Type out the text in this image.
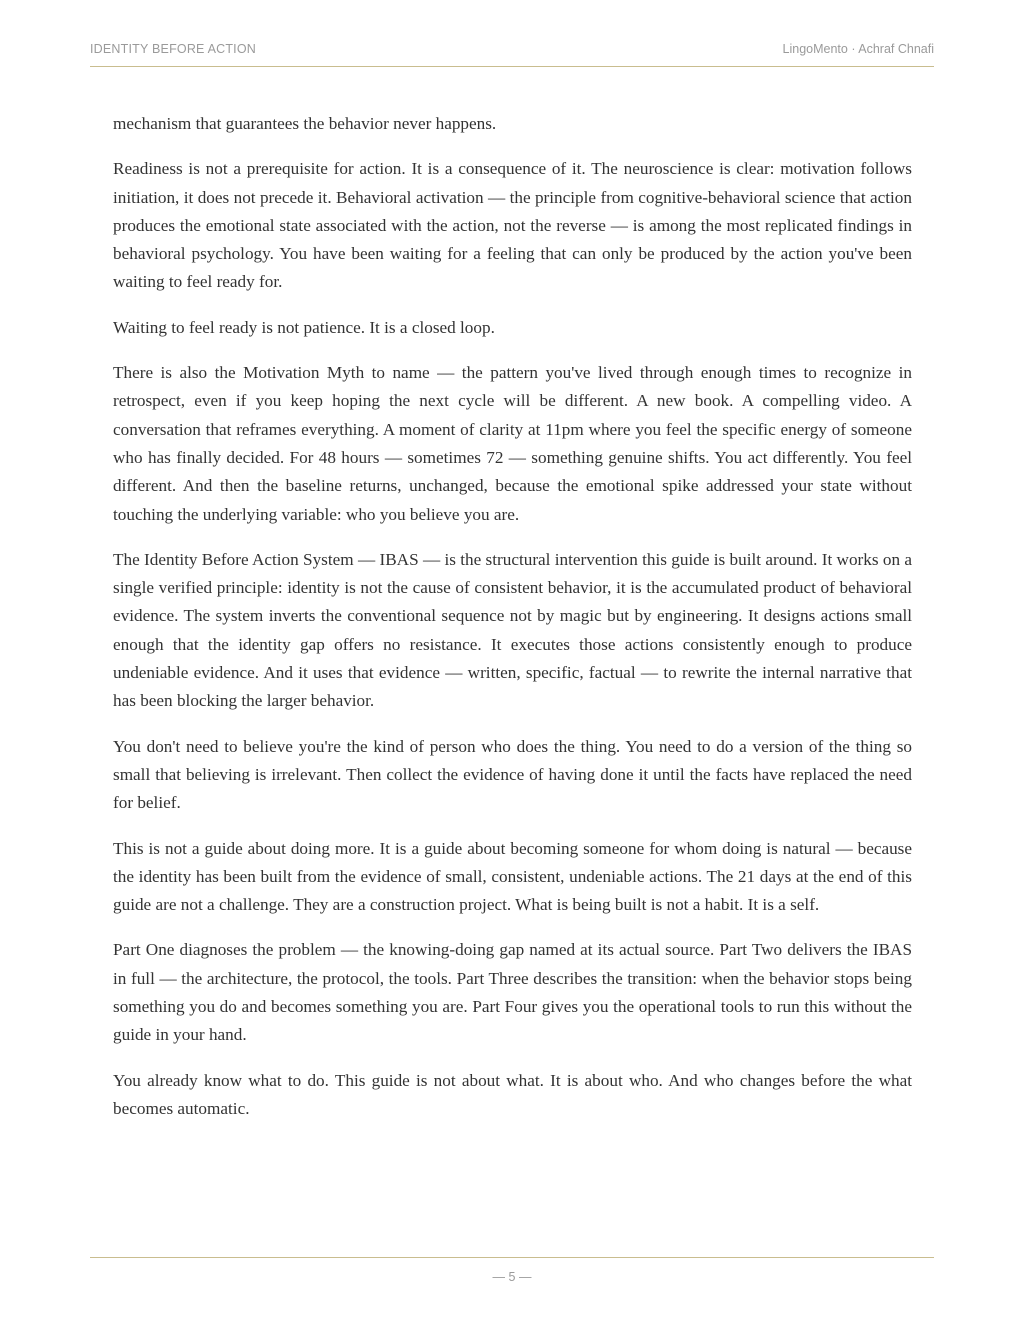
IDENTITY BEFORE ACTION	LingoMento · Achraf Chnafi

mechanism that guarantees the behavior never happens.

Readiness is not a prerequisite for action. It is a consequence of it. The neuroscience is clear: motivation follows initiation, it does not precede it. Behavioral activation — the principle from cognitive-behavioral science that action produces the emotional state associated with the action, not the reverse — is among the most replicated findings in behavioral psychology. You have been waiting for a feeling that can only be produced by the action you've been waiting to feel ready for.

Waiting to feel ready is not patience. It is a closed loop.

There is also the Motivation Myth to name — the pattern you've lived through enough times to recognize in retrospect, even if you keep hoping the next cycle will be different. A new book. A compelling video. A conversation that reframes everything. A moment of clarity at 11pm where you feel the specific energy of someone who has finally decided. For 48 hours — sometimes 72 — something genuine shifts. You act differently. You feel different. And then the baseline returns, unchanged, because the emotional spike addressed your state without touching the underlying variable: who you believe you are.

The Identity Before Action System — IBAS — is the structural intervention this guide is built around. It works on a single verified principle: identity is not the cause of consistent behavior, it is the accumulated product of behavioral evidence. The system inverts the conventional sequence not by magic but by engineering. It designs actions small enough that the identity gap offers no resistance. It executes those actions consistently enough to produce undeniable evidence. And it uses that evidence — written, specific, factual — to rewrite the internal narrative that has been blocking the larger behavior.

You don't need to believe you're the kind of person who does the thing. You need to do a version of the thing so small that believing is irrelevant. Then collect the evidence of having done it until the facts have replaced the need for belief.

This is not a guide about doing more. It is a guide about becoming someone for whom doing is natural — because the identity has been built from the evidence of small, consistent, undeniable actions. The 21 days at the end of this guide are not a challenge. They are a construction project. What is being built is not a habit. It is a self.

Part One diagnoses the problem — the knowing-doing gap named at its actual source. Part Two delivers the IBAS in full — the architecture, the protocol, the tools. Part Three describes the transition: when the behavior stops being something you do and becomes something you are. Part Four gives you the operational tools to run this without the guide in your hand.

You already know what to do. This guide is not about what. It is about who. And who changes before the what becomes automatic.

— 5 —
